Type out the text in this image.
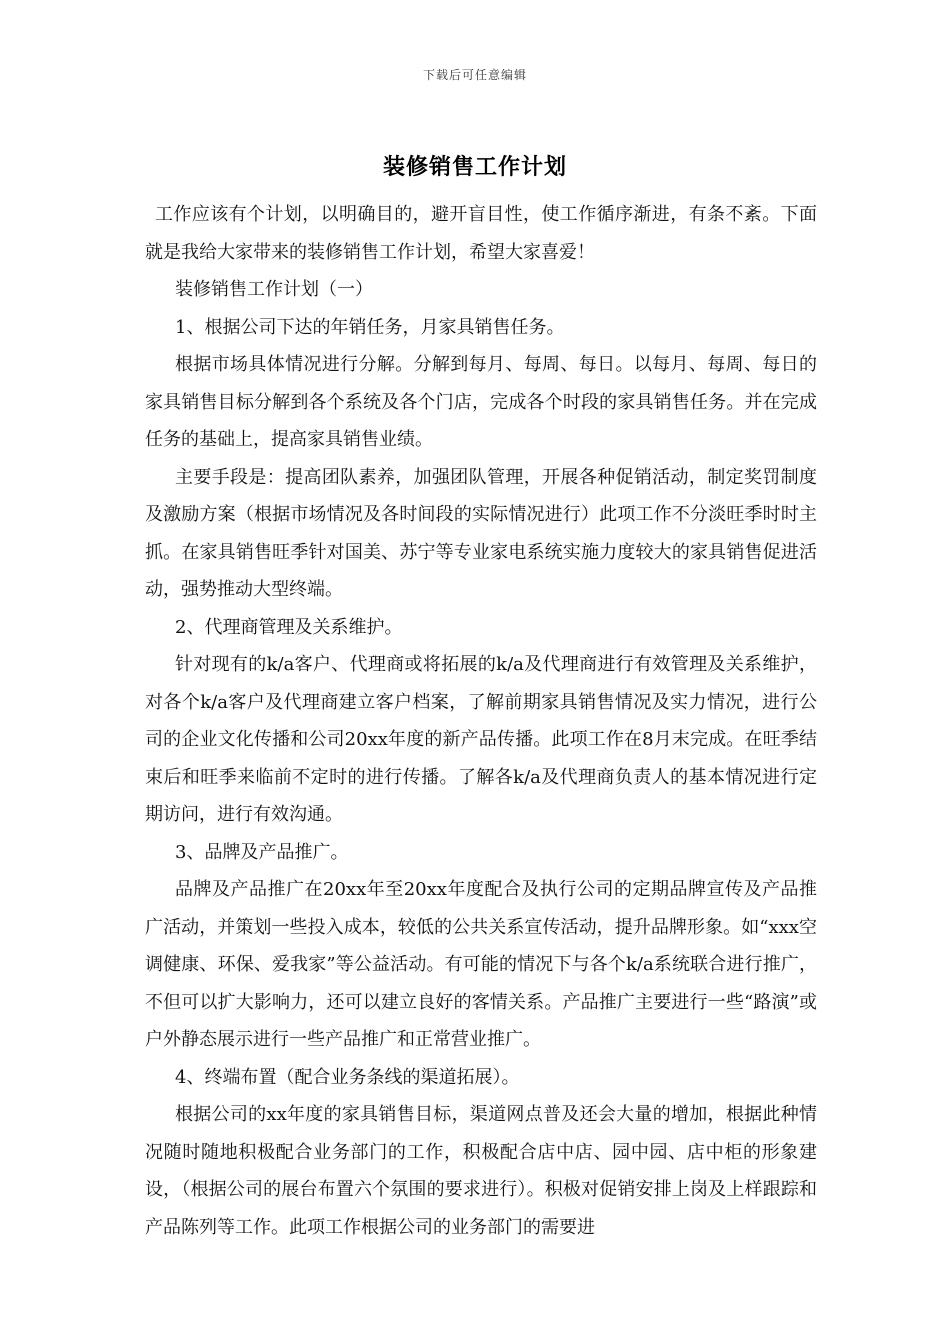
下载后可任意编辑
装修销售工作计划

工作应该有个计划，以明确目的，避开盲目性，使工作循序渐进，有条不紊。下面就是我给大家带来的装修销售工作计划，希望大家喜爱！

装修销售工作计划（一）

1、根据公司下达的年销任务，月家具销售任务。

根据市场具体情况进行分解。分解到每月、每周、每日。以每月、每周、每日的家具销售目标分解到各个系统及各个门店，完成各个时段的家具销售任务。并在完成任务的基础上，提高家具销售业绩。

主要手段是：提高团队素养，加强团队管理，开展各种促销活动，制定奖罚制度及激励方案（根据市场情况及各时间段的实际情况进行）此项工作不分淡旺季时时主抓。在家具销售旺季针对国美、苏宁等专业家电系统实施力度较大的家具销售促进活动，强势推动大型终端。

2、代理商管理及关系维护。

针对现有的k/a客户、代理商或将拓展的k/a及代理商进行有效管理及关系维护，对各个k/a客户及代理商建立客户档案，了解前期家具销售情况及实力情况，进行公司的企业文化传播和公司20xx年度的新产品传播。此项工作在8月末完成。在旺季结束后和旺季来临前不定时的进行传播。了解各k/a及代理商负责人的基本情况进行定期访问，进行有效沟通。

3、品牌及产品推广。

品牌及产品推广在20xx年至20xx年度配合及执行公司的定期品牌宣传及产品推广活动，并策划一些投入成本，较低的公共关系宣传活动，提升品牌形象。如“xxx空调健康、环保、爱我家”等公益活动。有可能的情况下与各个k/a系统联合进行推广，不但可以扩大影响力，还可以建立良好的客情关系。产品推广主要进行一些“路演”或户外静态展示进行一些产品推广和正常营业推广。

4、终端布置（配合业务条线的渠道拓展）。

根据公司的xx年度的家具销售目标，渠道网点普及还会大量的增加，根据此种情况随时随地积极配合业务部门的工作，积极配合店中店、园中园、店中柜的形象建设，（根据公司的展台布置六个氛围的要求进行）。积极对促销安排上岗及上样跟踪和产品陈列等工作。此项工作根据公司的业务部门的需要进
